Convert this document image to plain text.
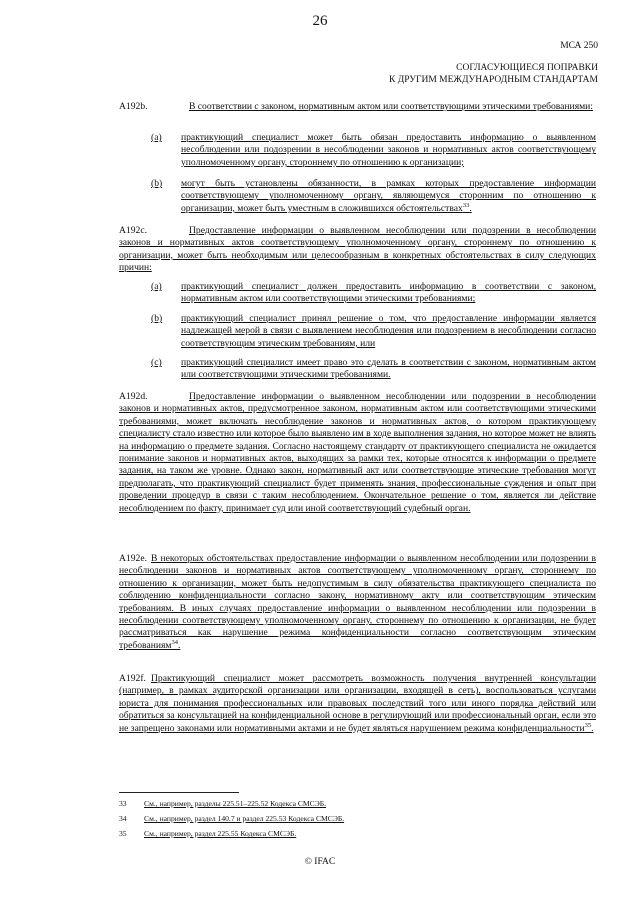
26
МСА 250
СОГЛАСУЮЩИЕСЯ ПОПРАВКИ
К ДРУГИМ МЕЖДУНАРОДНЫМ СТАНДАРТАМ
A192b.	В соответствии с законом, нормативным актом или соответствующими этическими требованиями:
(a)	практикующий специалист может быть обязан предоставить информацию о выявленном несоблюдении или подозрении в несоблюдении законов и нормативных актов соответствующему уполномоченному органу, стороннему по отношению к организации;
(b)	могут быть установлены обязанности, в рамках которых предоставление информации соответствующему уполномоченному органу, являющемуся сторонним по отношению к организации, может быть уместным в сложившихся обстоятельствах$^{33}$.
A192c.	Предоставление информации о выявленном несоблюдении или подозрении в несоблюдении законов и нормативных актов соответствующему уполномоченному органу, стороннему по отношению к организации, может быть необходимым или целесообразным в конкретных обстоятельствах в силу следующих причин:
(a)	практикующий специалист должен предоставить информацию в соответствии с законом, нормативным актом или соответствующими этическими требованиями;
(b)	практикующий специалист принял решение о том, что предоставление информации является надлежащей мерой в связи с выявлением несоблюдения или подозрением в несоблюдении согласно соответствующим этическим требованиям, или
(c)	практикующий специалист имеет право это сделать в соответствии с законом, нормативным актом или соответствующими этическими требованиями.
A192d.	Предоставление информации о выявленном несоблюдении или подозрении в несоблюдении законов и нормативных актов, предусмотренное законом, нормативным актом или соответствующими этическими требованиями, может включать несоблюдение законов и нормативных актов, о котором практикующему специалисту стало известно или которое было выявлено им в ходе выполнения задания, но которое может не влиять на информацию о предмете задания. Согласно настоящему стандарту от практикующего специалиста не ожидается понимание законов и нормативных актов, выходящих за рамки тех, которые относятся к информации о предмете задания, на таком же уровне. Однако закон, нормативный акт или соответствующие этические требования могут предполагать, что практикующий специалист будет применять знания, профессиональные суждения и опыт при проведении процедур в связи с таким несоблюдением. Окончательное решение о том, является ли действие несоблюдением по факту, принимает суд или иной соответствующий судебный орган.
A192e. В некоторых обстоятельствах предоставление информации о выявленном несоблюдении или подозрении в несоблюдении законов и нормативных актов соответствующему уполномоченному органу, стороннему по отношению к организации, может быть недопустимым в силу обязательства практикующего специалиста по соблюдению конфиденциальности согласно закону, нормативному акту или соответствующим этическим требованиям. В иных случаях предоставление информации о выявленном несоблюдении или подозрении в несоблюдении соответствующему уполномоченному органу, стороннему по отношению к организации, не будет рассматриваться как нарушение режима конфиденциальности согласно соответствующим этическим требованиям$^{34}$.
A192f. Практикующий специалист может рассмотреть возможность получения внутренней консультации (например, в рамках аудиторской организации или организации, входящей в сеть), воспользоваться услугами юриста для понимания профессиональных или правовых последствий того или иного порядка действий или обратиться за консультацией на конфиденциальной основе в регулирующий или профессиональный орган, если это не запрещено законами или нормативными актами и не будет являться нарушением режима конфиденциальности$^{35}$.
33 См., например, разделы 225.51–225.52 Кодекса СМСЭБ.
34 См., например, раздел 140.7 и раздел 225.53 Кодекса СМСЭБ.
35 См., например, раздел 225.55 Кодекса СМСЭБ.
© IFAC
